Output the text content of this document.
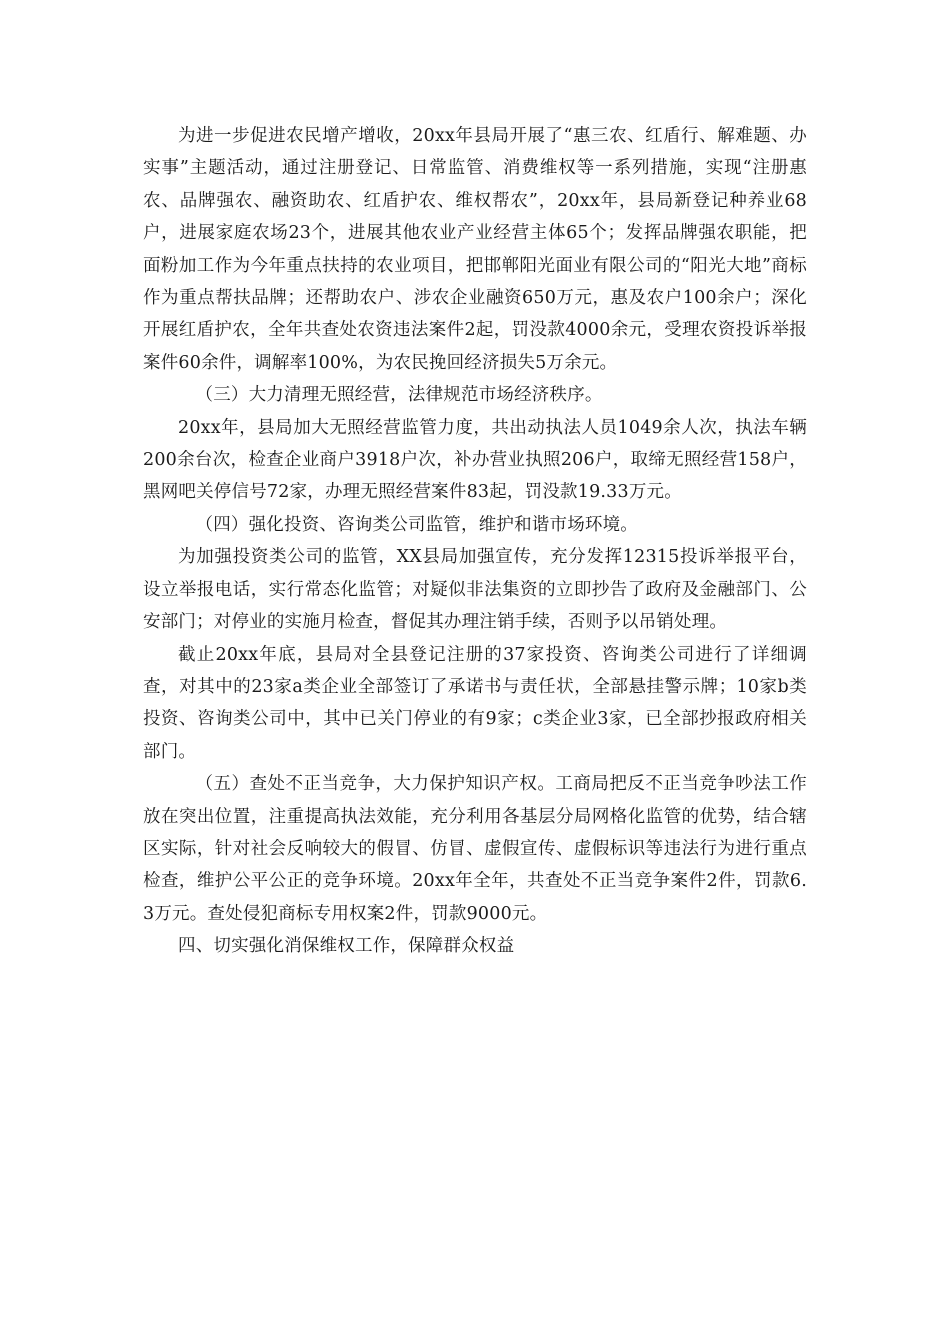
为进一步促进农民增产增收，20xx年县局开展了“惠三农、红盾行、解难题、办实事”主题活动，通过注册登记、日常监管、消费维权等一系列措施，实现“注册惠农、品牌强农、融资助农、红盾护农、维权帮农”，20xx年，县局新登记种养业68户，进展家庭农场23个，进展其他农业产业经营主体65个；发挥品牌强农职能，把面粉加工作为今年重点扶持的农业项目，把邯郸阳光面业有限公司的“阳光大地”商标作为重点帮扶品牌；还帮助农户、涉农企业融资650万元，惠及农户100余户；深化开展红盾护农，全年共查处农资违法案件2起，罚没款4000余元，受理农资投诉举报案件60余件，调解率100%，为农民挽回经济损失5万余元。

（三）大力清理无照经营，法律规范市场经济秩序。

20xx年，县局加大无照经营监管力度，共出动执法人员1049余人次，执法车辆 200余台次，检查企业商户3918户次，补办营业执照206户，取缔无照经营158户，黑网吧关停信号72家，办理无照经营案件83起，罚没款19.33万元。

（四）强化投资、咨询类公司监管，维护和谐市场环境。

为加强投资类公司的监管，XX县局加强宣传，充分发挥12315投诉举报平台，设立举报电话，实行常态化监管；对疑似非法集资的立即抄告了政府及金融部门、公安部门；对停业的实施月检查，督促其办理注销手续，否则予以吊销处理。

截止20xx年底，县局对全县登记注册的37家投资、咨询类公司进行了详细调查，对其中的23家a类企业全部签订了承诺书与责任状，全部悬挂警示牌；10家b类投资、咨询类公司中，其中已关门停业的有9家；c类企业3家，已全部抄报政府相关部门。

（五）查处不正当竞争，大力保护知识产权。工商局把反不正当竞争吵法工作放在突出位置，注重提高执法效能，充分利用各基层分局网格化监管的优势，结合辖区实际，针对社会反响较大的假冒、仿冒、虚假宣传、虚假标识等违法行为进行重点检查，维护公平公正的竞争环境。20xx年全年，共查处不正当竞争案件2件，罚款6.3万元。查处侵犯商标专用权案2件，罚款9000元。

四、切实强化消保维权工作，保障群众权益
